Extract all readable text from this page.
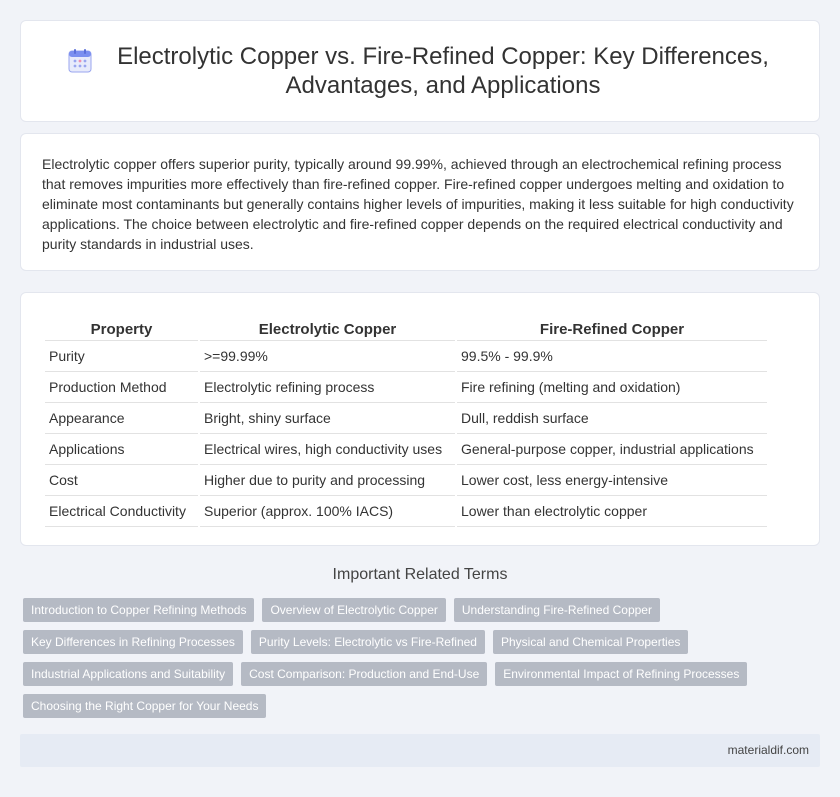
Electrolytic Copper vs. Fire-Refined Copper: Key Differences, Advantages, and Applications

Electrolytic copper offers superior purity, typically around 99.99%, achieved through an electrochemical refining process that removes impurities more effectively than fire-refined copper. Fire-refined copper undergoes melting and oxidation to eliminate most contaminants but generally contains higher levels of impurities, making it less suitable for high conductivity applications. The choice between electrolytic and fire-refined copper depends on the required electrical conductivity and purity standards in industrial uses.

Property	Electrolytic Copper	Fire-Refined Copper
Purity	>=99.99%	99.5% - 99.9%
Production Method	Electrolytic refining process	Fire refining (melting and oxidation)
Appearance	Bright, shiny surface	Dull, reddish surface
Applications	Electrical wires, high conductivity uses	General-purpose copper, industrial applications
Cost	Higher due to purity and processing	Lower cost, less energy-intensive
Electrical Conductivity	Superior (approx. 100% IACS)	Lower than electrolytic copper
Important Related Terms
Introduction to Copper Refining Methods	Overview of Electrolytic Copper	Understanding Fire-Refined Copper
Key Differences in Refining Processes	Purity Levels: Electrolytic vs Fire-Refined	Physical and Chemical Properties
Industrial Applications and Suitability	Cost Comparison: Production and End-Use	Environmental Impact of Refining Processes
Choosing the Right Copper for Your Needs
materialdif.com
